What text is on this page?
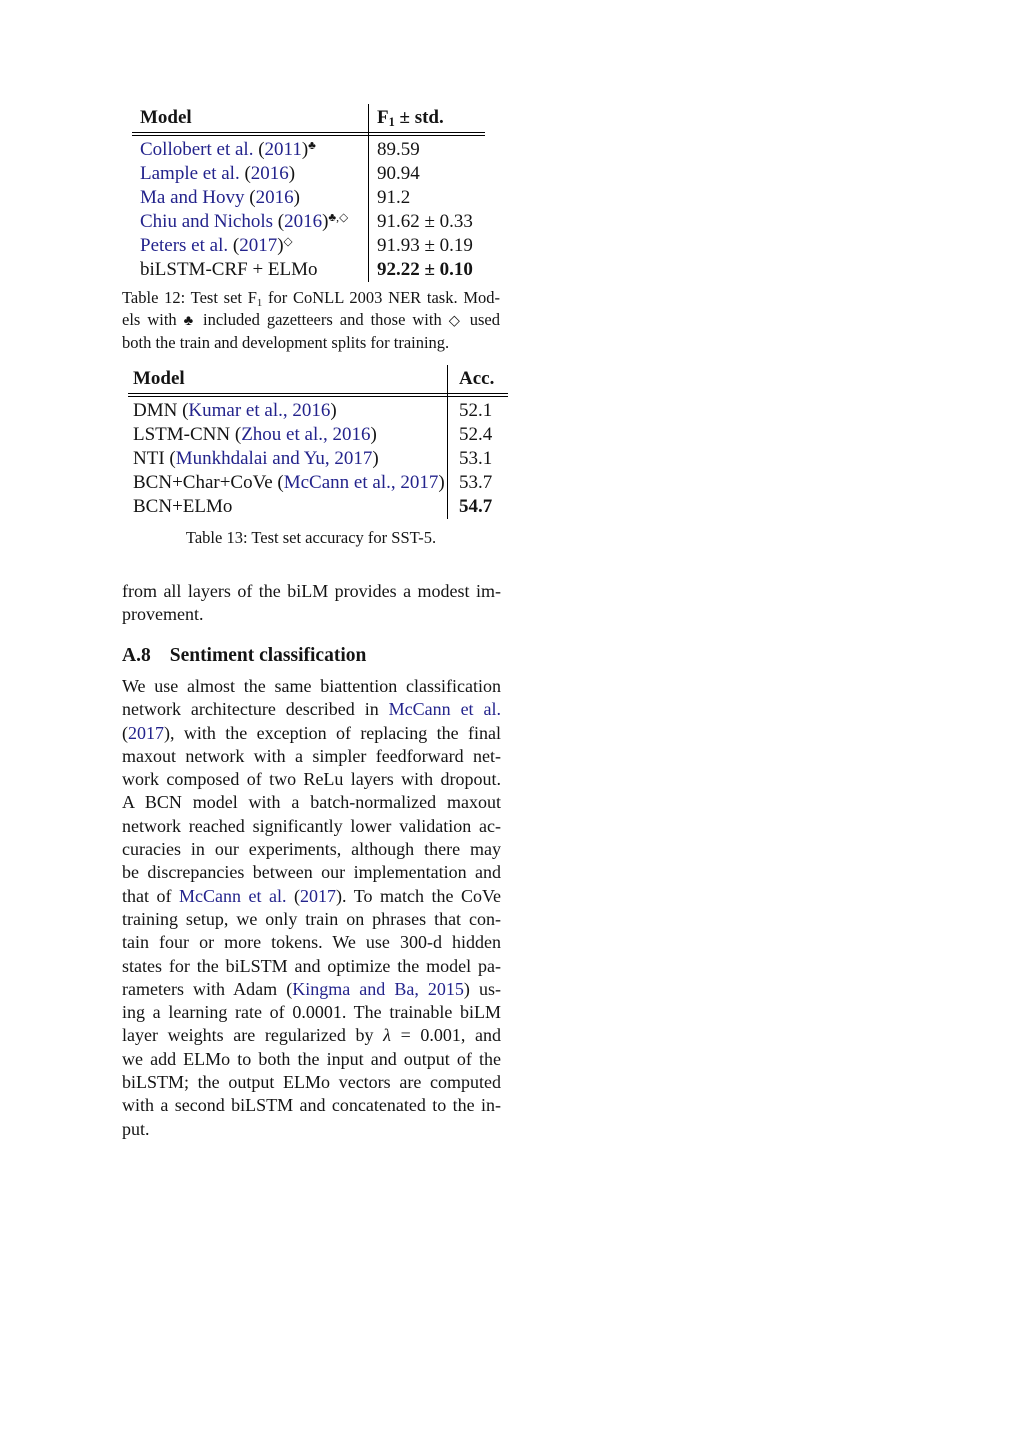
Model	F1 ± std.
Collobert et al. (2011)♣	89.59
Lample et al. (2016)	90.94
Ma and Hovy (2016)	91.2
Chiu and Nichols (2016)♣,◇	91.62 ± 0.33
Peters et al. (2017)◇	91.93 ± 0.19
biLSTM-CRF + ELMo	92.22 ± 0.10
Table 12: Test set F1 for CoNLL 2003 NER task. Mod-
els with ♣ included gazetteers and those with ◇ used
both the train and development splits for training.
Model	Acc.
DMN (Kumar et al., 2016)	52.1
LSTM-CNN (Zhou et al., 2016)	52.4
NTI (Munkhdalai and Yu, 2017)	53.1
BCN+Char+CoVe (McCann et al., 2017) 53.7
BCN+ELMo	54.7
Table 13: Test set accuracy for SST-5.
from all layers of the biLM provides a modest im-
provement.
A.8 Sentiment classification
We use almost the same biattention classification
network architecture described in McCann et al.
(2017), with the exception of replacing the final
maxout network with a simpler feedforward net-
work composed of two ReLu layers with dropout.
A BCN model with a batch-normalized maxout
network reached significantly lower validation ac-
curacies in our experiments, although there may
be discrepancies between our implementation and
that of McCann et al. (2017). To match the CoVe
training setup, we only train on phrases that con-
tain four or more tokens. We use 300-d hidden
states for the biLSTM and optimize the model pa-
rameters with Adam (Kingma and Ba, 2015) us-
ing a learning rate of 0.0001. The trainable biLM
layer weights are regularized by λ = 0.001, and
we add ELMo to both the input and output of the
biLSTM; the output ELMo vectors are computed
with a second biLSTM and concatenated to the in-
put.
